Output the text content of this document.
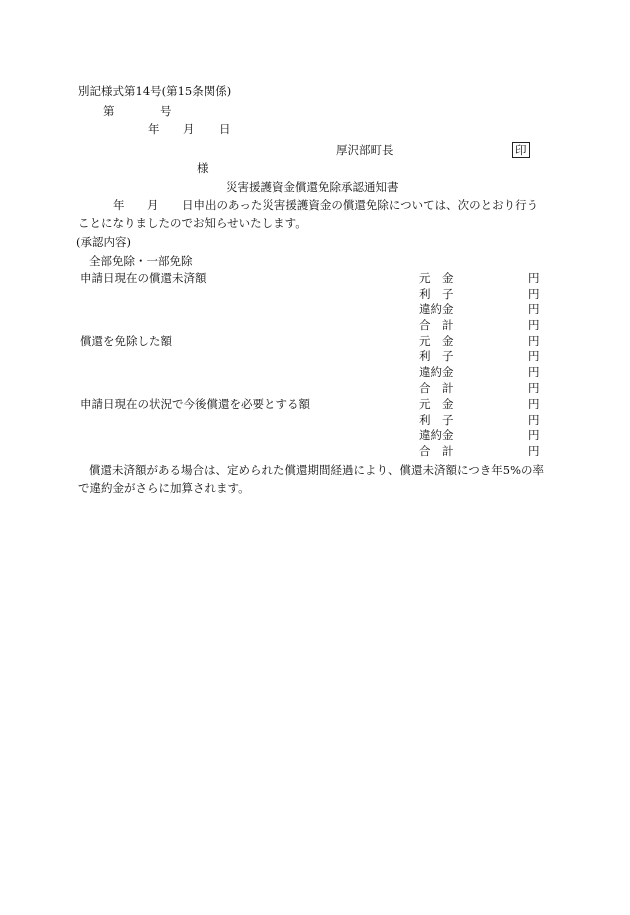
別記様式第14号(第15条関係)
第	号
年 月 日
厚沢部町長	印
様
災害援護資金償還免除承認通知書
年 月 日申出のあった災害援護資金の償還免除については、次のとおり行う
ことになりましたのでお知らせいたします。
(承認内容)
全部免除・一部免除
申請日現在の償還未済額	元　金	円
利　子	円
違約金	円
合　計	円
償還を免除した額	元　金	円
利　子	円
違約金	円
合　計	円
申請日現在の状況で今後償還を必要とする額	元　金	円
利　子	円
違約金	円
合　計	円
償還未済額がある場合は、定められた償還期間経過により、償還未済額につき年5%の率
で違約金がさらに加算されます。
